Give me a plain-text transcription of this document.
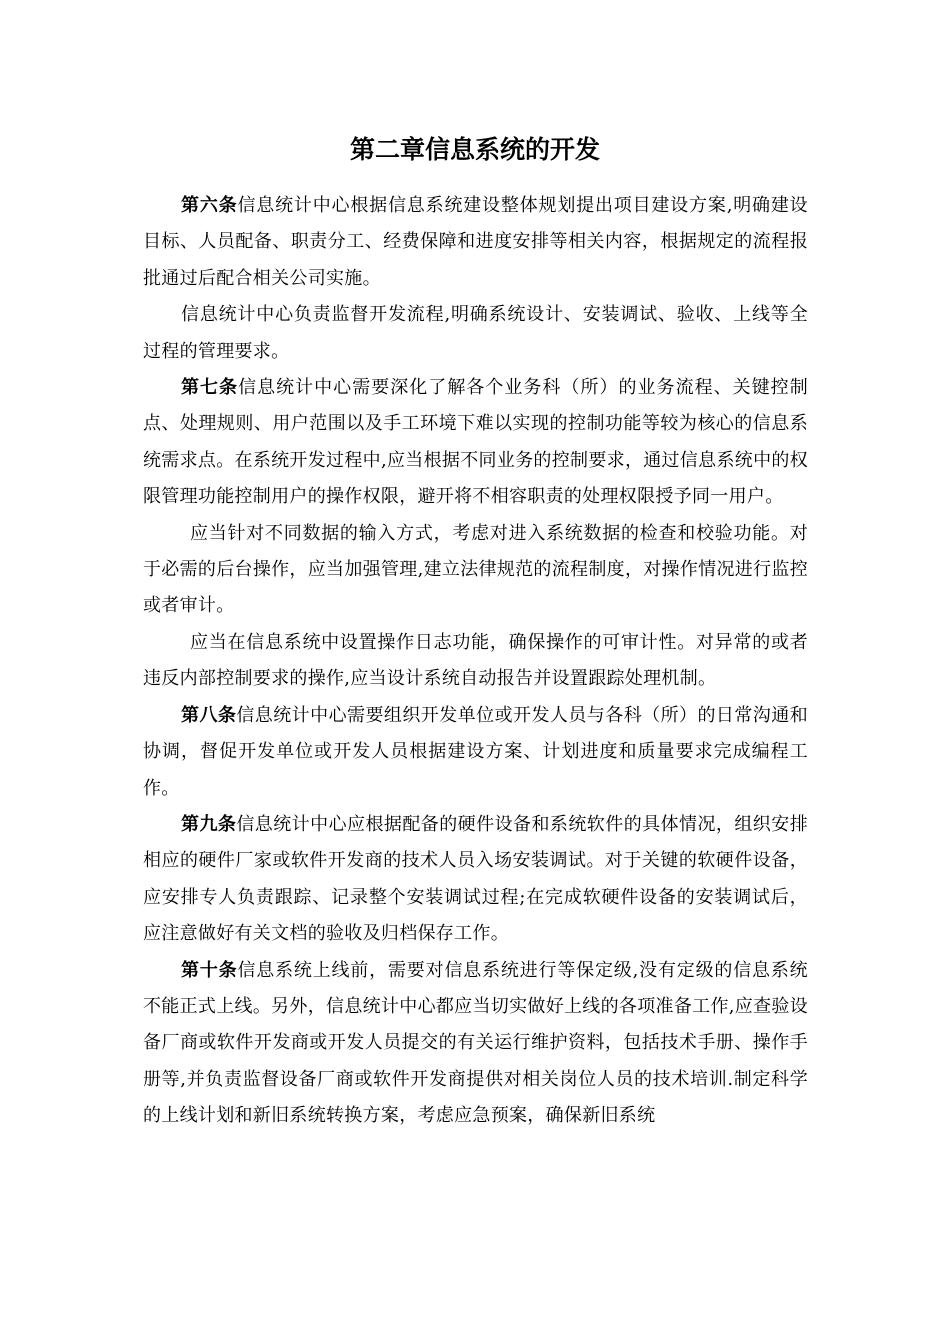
第二章信息系统的开发

第六条信息统计中心根据信息系统建设整体规划提出项目建设方案,明确建设目标、人员配备、职责分工、经费保障和进度安排等相关内容，根据规定的流程报批通过后配合相关公司实施。

信息统计中心负责监督开发流程,明确系统设计、安装调试、验收、上线等全过程的管理要求。

第七条信息统计中心需要深化了解各个业务科（所）的业务流程、关键控制点、处理规则、用户范围以及手工环境下难以实现的控制功能等较为核心的信息系统需求点。在系统开发过程中,应当根据不同业务的控制要求，通过信息系统中的权限管理功能控制用户的操作权限，避开将不相容职责的处理权限授予同一用户。

应当针对不同数据的输入方式，考虑对进入系统数据的检查和校验功能。对于必需的后台操作，应当加强管理,建立法律规范的流程制度，对操作情况进行监控或者审计。

应当在信息系统中设置操作日志功能，确保操作的可审计性。对异常的或者违反内部控制要求的操作,应当设计系统自动报告并设置跟踪处理机制。

第八条信息统计中心需要组织开发单位或开发人员与各科（所）的日常沟通和协调，督促开发单位或开发人员根据建设方案、计划进度和质量要求完成编程工作。

第九条信息统计中心应根据配备的硬件设备和系统软件的具体情况，组织安排相应的硬件厂家或软件开发商的技术人员入场安装调试。对于关键的软硬件设备，应安排专人负责跟踪、记录整个安装调试过程;在完成软硬件设备的安装调试后，应注意做好有关文档的验收及归档保存工作。

第十条信息系统上线前，需要对信息系统进行等保定级,没有定级的信息系统不能正式上线。另外，信息统计中心都应当切实做好上线的各项准备工作,应查验设备厂商或软件开发商或开发人员提交的有关运行维护资料，包括技术手册、操作手册等,并负责监督设备厂商或软件开发商提供对相关岗位人员的技术培训.制定科学的上线计划和新旧系统转换方案，考虑应急预案，确保新旧系统
